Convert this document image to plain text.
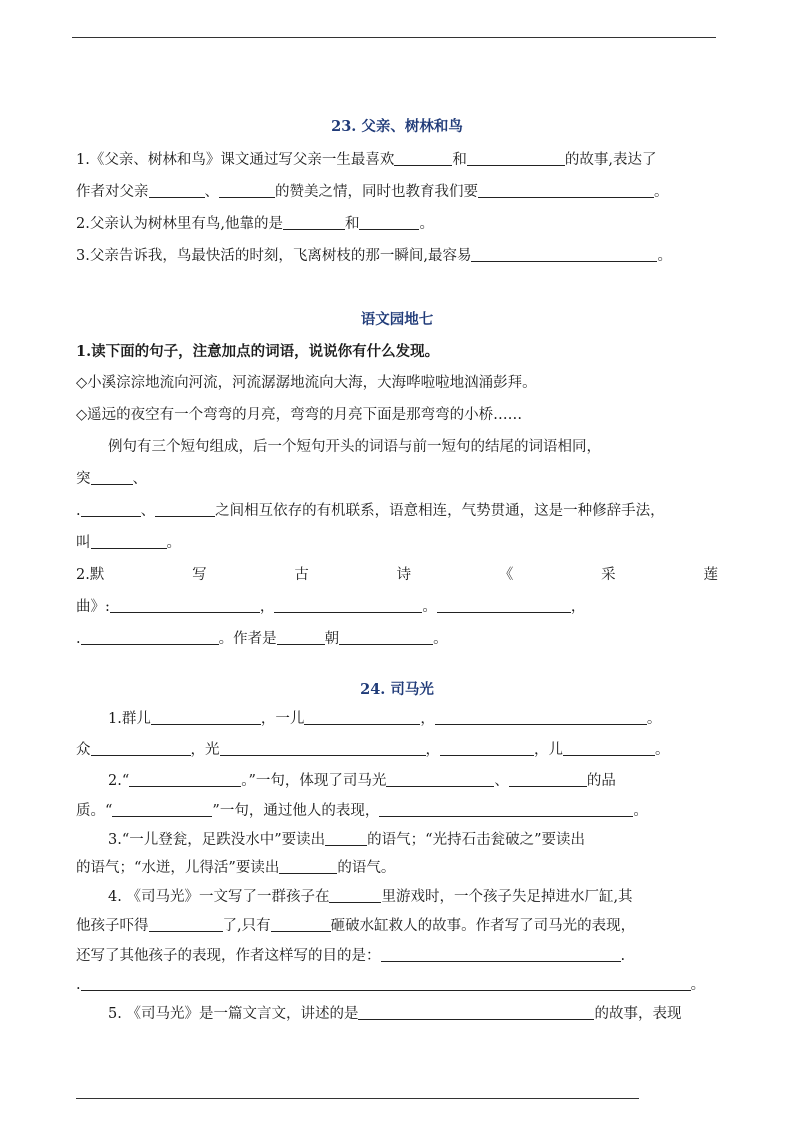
23. 父亲、树林和鸟
1.《父亲、树林和鸟》课文通过写父亲一生最喜欢	和	的故事,表达了
作者对父亲	、	的赞美之情，同时也教育我们要	。
2.父亲认为树林里有鸟,他靠的是	和	。
3.父亲告诉我，鸟最快活的时刻，飞离树枝的那一瞬间,最容易	。
语文园地七
1.读下面的句子，注意加点的词语，说说你有什么发现。
◇小溪淙淙地流向河流，河流潺潺地流向大海，大海哗啦啦地汹涌彭拜。
◇遥远的夜空有一个弯弯的月亮，弯弯的月亮下面是那弯弯的小桥……
例句有三个短句组成，后一个短句开头的词语与前一短句的结尾的词语相同，
突	、
.	、	之间相互依存的有机联系，语意相连，气势贯通，这是一种修辞手法，
叫	。
2.默	写	古	诗	《	采	莲
曲》:	，	。	，
.	。作者是	朝	。
24. 司马光
1.群儿	，一儿	，	。
众	，光	，	，儿	。
2.“	。”一句，体现了司马光	、	的品
质。“	”一句，通过他人的表现，	。
3.“一儿登瓮，足跌没水中”要读出	的语气；“光持石击瓮破之”要读出
的语气；“水迸，儿得活”要读出	的语气。
4. 《司马光》一文写了一群孩子在	里游戏时，一个孩子失足掉进水厂缸,其
他孩子吓得	了,只有	砸破水缸救人的故事。作者写了司马光的表现，
还写了其他孩子的表现，作者这样写的目的是：	.
.	。
5. 《司马光》是一篇文言文，讲述的是	的故事，表现
